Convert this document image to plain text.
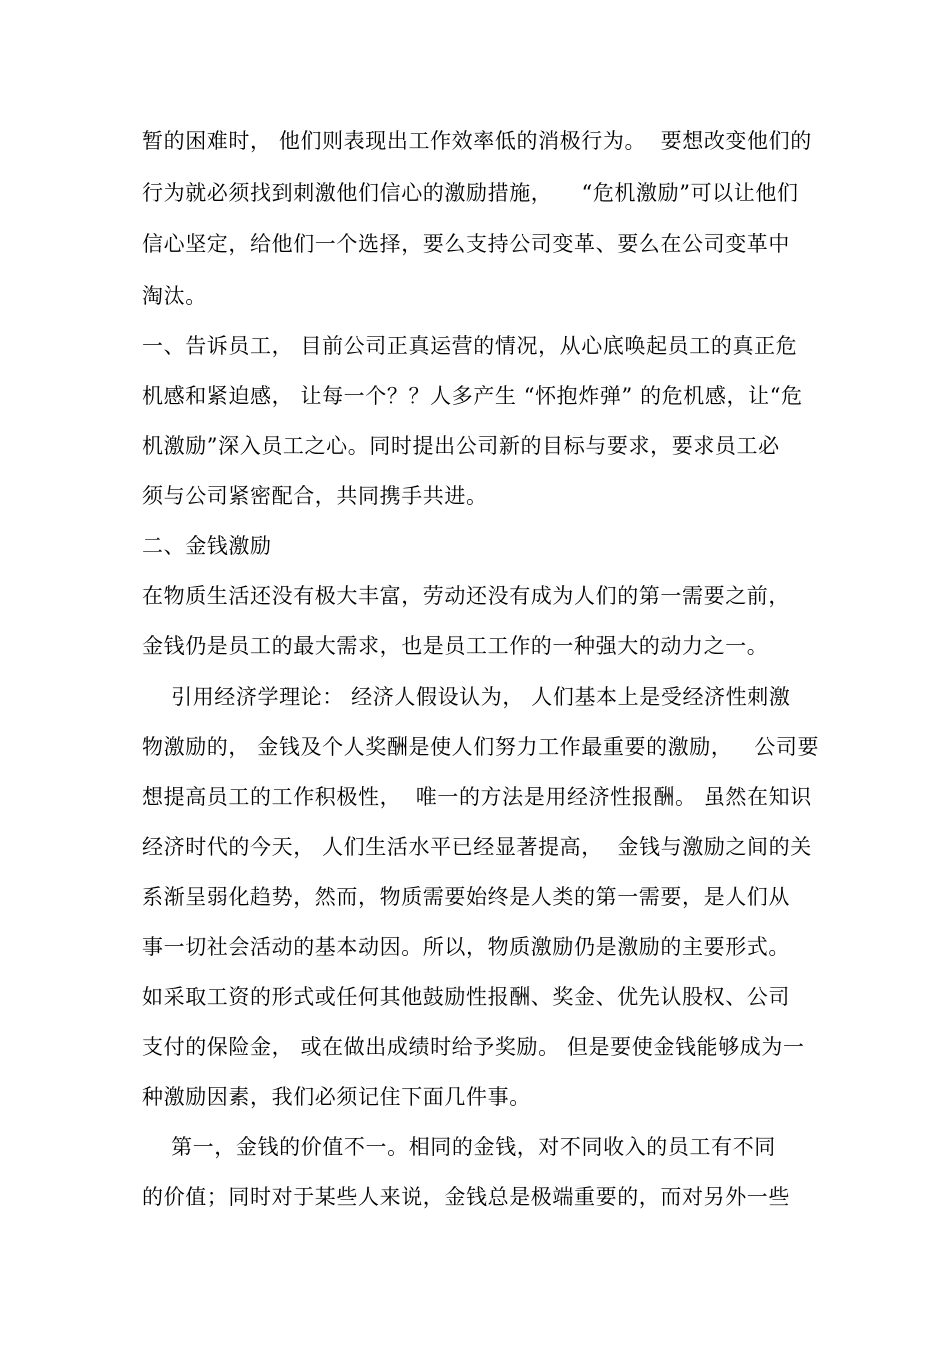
暂的困难时， 他们则表现出工作效率低的消极行为。  要想改变他们的
行为就必须找到刺激他们信心的激励措施，    “危机激励”可以让他们
信心坚定，给他们一个选择，要么支持公司变革、要么在公司变革中
淘汰。
一、告诉员工， 目前公司正真运营的情况，从心底唤起员工的真正危
机感和紧迫感， 让每一个？？人多产生 “怀抱炸弹” 的危机感，让“危
机激励”深入员工之心。同时提出公司新的目标与要求，要求员工必
须与公司紧密配合，共同携手共进。
二、金钱激励
在物质生活还没有极大丰富，劳动还没有成为人们的第一需要之前，
金钱仍是员工的最大需求，也是员工工作的一种强大的动力之一。
引用经济学理论： 经济人假设认为， 人们基本上是受经济性刺激
物激励的， 金钱及个人奖酬是使人们努力工作最重要的激励，   公司要
想提高员工的工作积极性，  唯一的方法是用经济性报酬。 虽然在知识
经济时代的今天， 人们生活水平已经显著提高，  金钱与激励之间的关
系渐呈弱化趋势，然而，物质需要始终是人类的第一需要，是人们从
事一切社会活动的基本动因。所以，物质激励仍是激励的主要形式。
如采取工资的形式或任何其他鼓励性报酬、奖金、优先认股权、公司
支付的保险金， 或在做出成绩时给予奖励。 但是要使金钱能够成为一
种激励因素，我们必须记住下面几件事。
第一，金钱的价值不一。相同的金钱，对不同收入的员工有不同
的价值；同时对于某些人来说，金钱总是极端重要的，而对另外一些
